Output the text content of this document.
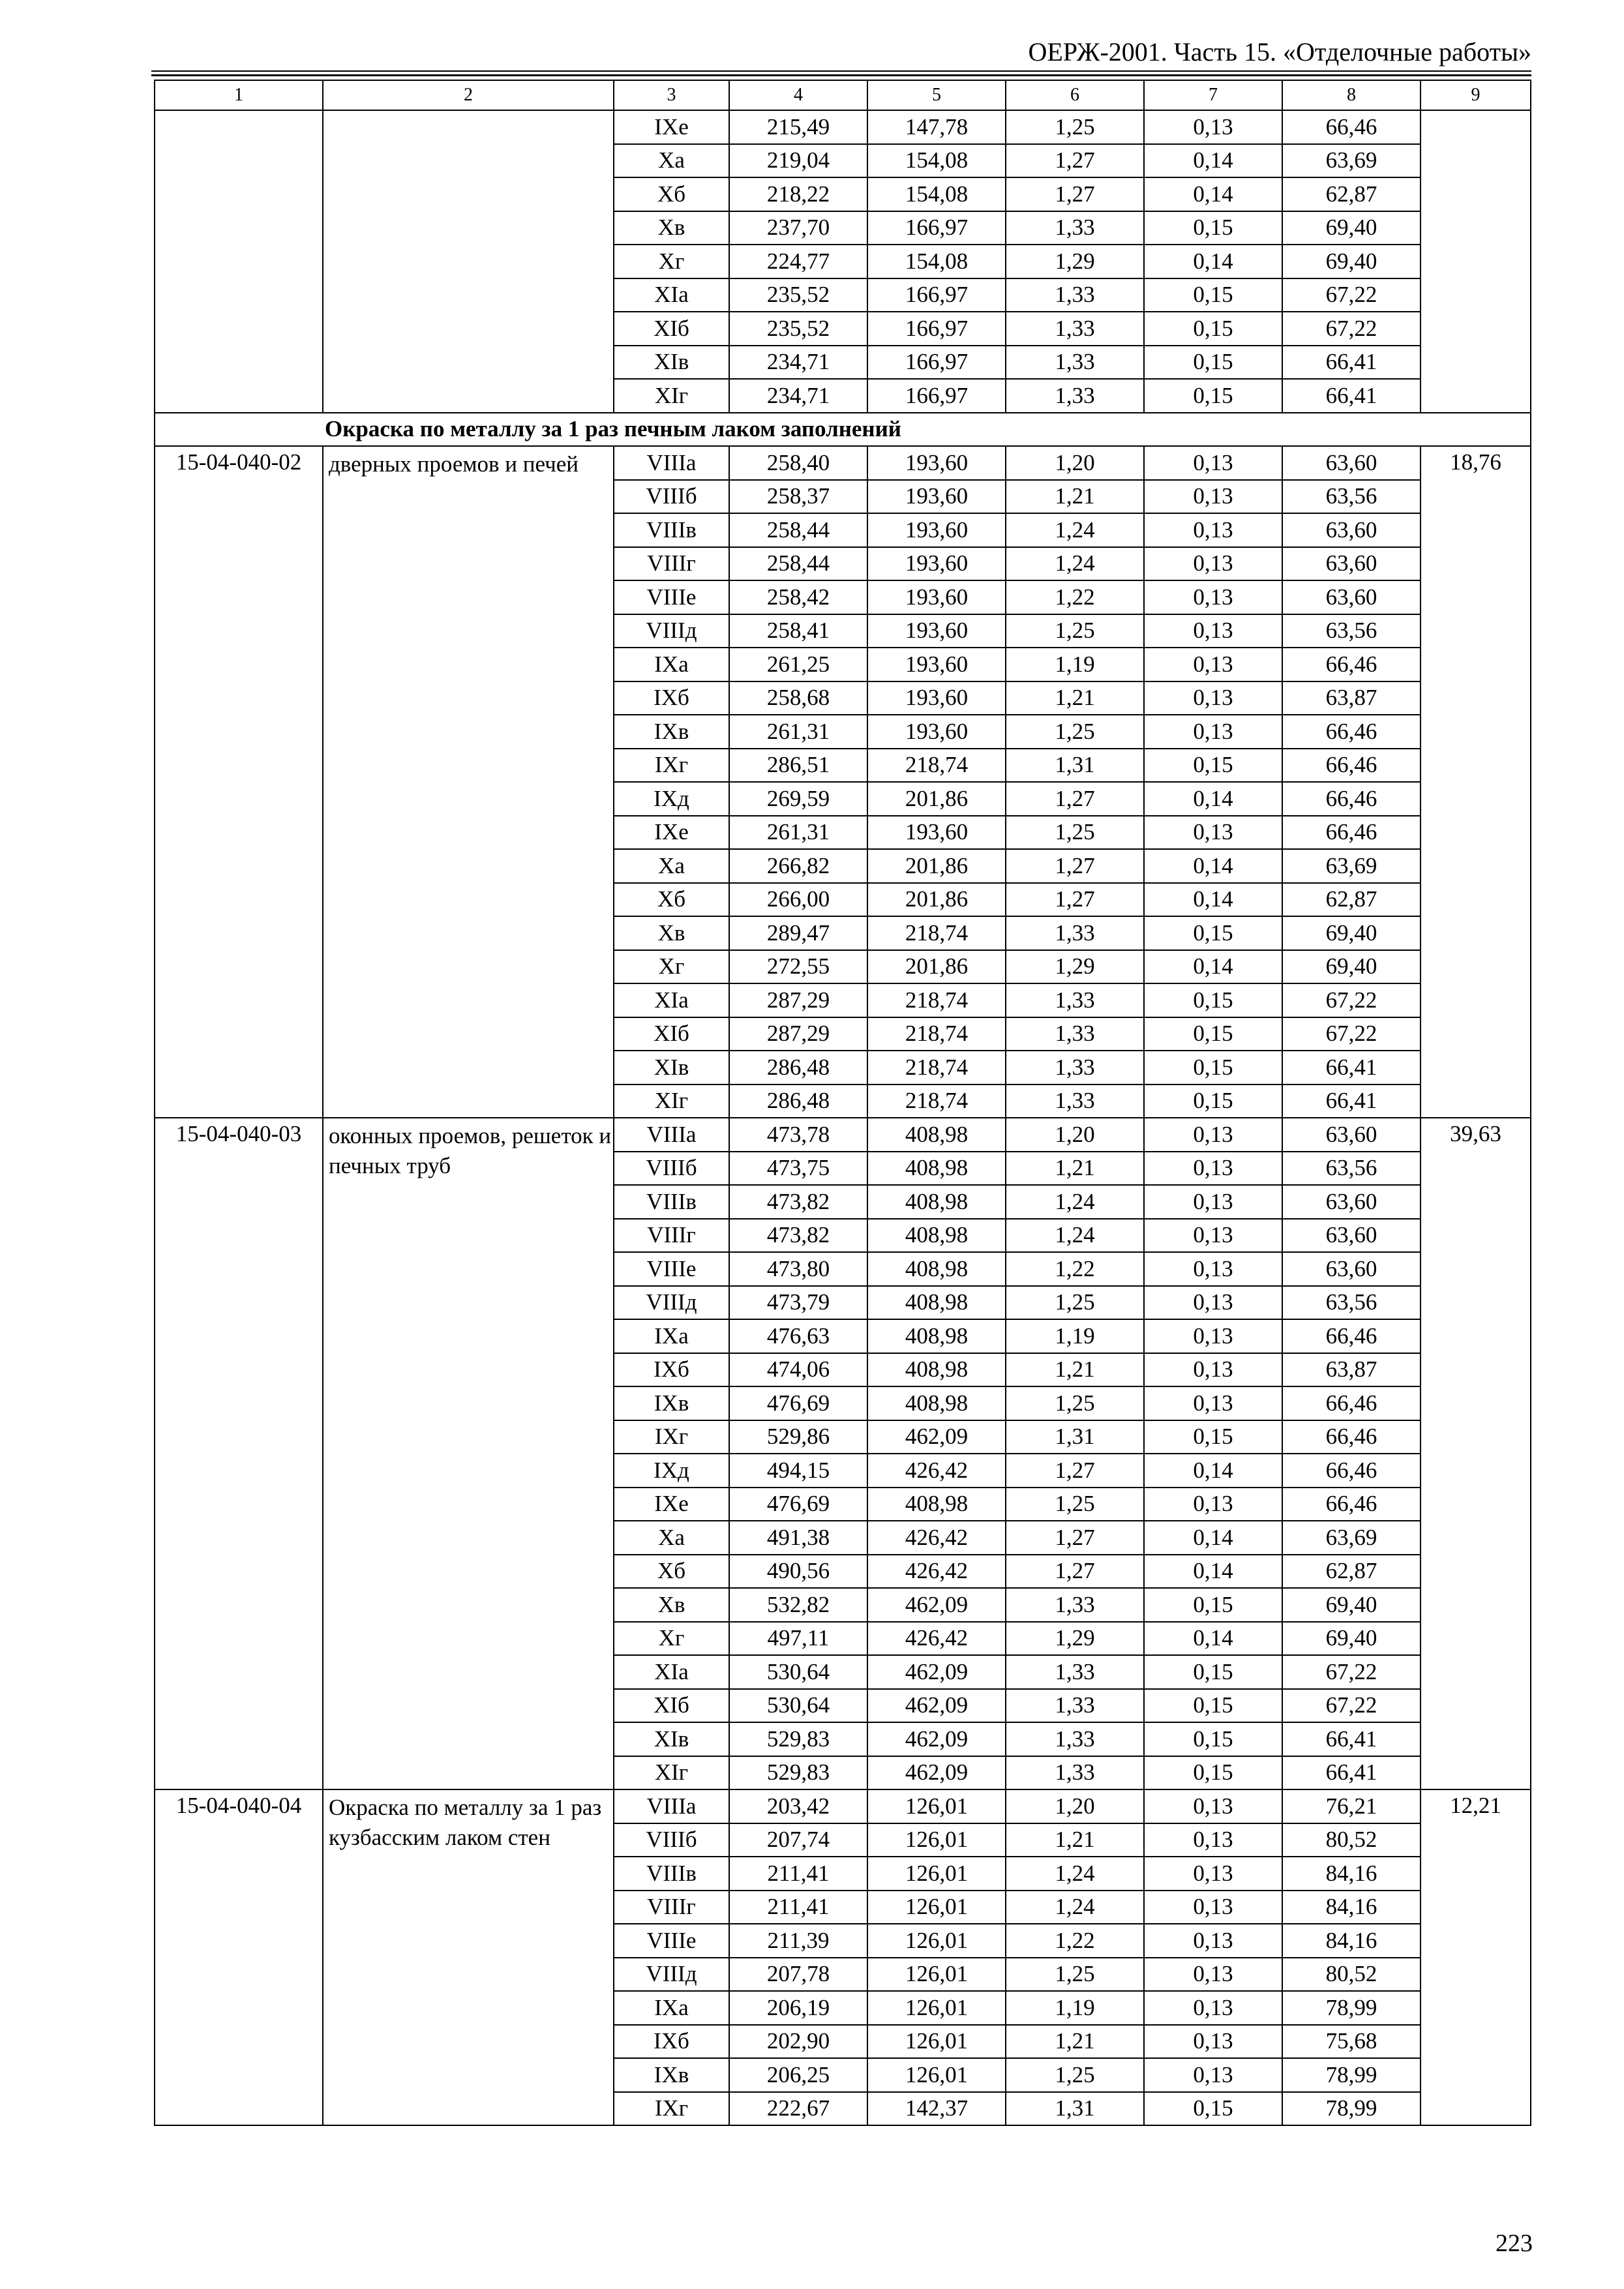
ОЕРЖ-2001. Часть 15. «Отделочные работы»
1	2	3	4	5	6	7	8	9
		IXe	215,49	147,78	1,25	0,13	66,46	
		Xa	219,04	154,08	1,27	0,14	63,69	
		Xб	218,22	154,08	1,27	0,14	62,87	
		Xв	237,70	166,97	1,33	0,15	69,40	
		Xг	224,77	154,08	1,29	0,14	69,40	
		XIa	235,52	166,97	1,33	0,15	67,22	
		XIб	235,52	166,97	1,33	0,15	67,22	
		XIв	234,71	166,97	1,33	0,15	66,41	
		XIг	234,71	166,97	1,33	0,15	66,41	
Окраска по металлу за 1 раз печным лаком заполнений								
15-04-040-02	дверных проемов и печей	VIIIa	258,40	193,60	1,20	0,13	63,60	18,76
		VIIIб	258,37	193,60	1,21	0,13	63,56	
		VIIIв	258,44	193,60	1,24	0,13	63,60	
		VIIIг	258,44	193,60	1,24	0,13	63,60	
		VIIIe	258,42	193,60	1,22	0,13	63,60	
		VIIIд	258,41	193,60	1,25	0,13	63,56	
		IXa	261,25	193,60	1,19	0,13	66,46	
		IXб	258,68	193,60	1,21	0,13	63,87	
		IXв	261,31	193,60	1,25	0,13	66,46	
		IXг	286,51	218,74	1,31	0,15	66,46	
		IXд	269,59	201,86	1,27	0,14	66,46	
		IXe	261,31	193,60	1,25	0,13	66,46	
		Xa	266,82	201,86	1,27	0,14	63,69	
		Xб	266,00	201,86	1,27	0,14	62,87	
		Xв	289,47	218,74	1,33	0,15	69,40	
		Xг	272,55	201,86	1,29	0,14	69,40	
		XIa	287,29	218,74	1,33	0,15	67,22	
		XIб	287,29	218,74	1,33	0,15	67,22	
		XIв	286,48	218,74	1,33	0,15	66,41	
		XIг	286,48	218,74	1,33	0,15	66,41	
15-04-040-03	оконных проемов, решеток и печных труб	VIIIa	473,78	408,98	1,20	0,13	63,60	39,63
		VIIIб	473,75	408,98	1,21	0,13	63,56	
		VIIIв	473,82	408,98	1,24	0,13	63,60	
		VIIIг	473,82	408,98	1,24	0,13	63,60	
		VIIIe	473,80	408,98	1,22	0,13	63,60	
		VIIIд	473,79	408,98	1,25	0,13	63,56	
		IXa	476,63	408,98	1,19	0,13	66,46	
		IXб	474,06	408,98	1,21	0,13	63,87	
		IXв	476,69	408,98	1,25	0,13	66,46	
		IXг	529,86	462,09	1,31	0,15	66,46	
		IXд	494,15	426,42	1,27	0,14	66,46	
		IXe	476,69	408,98	1,25	0,13	66,46	
		Xa	491,38	426,42	1,27	0,14	63,69	
		Xб	490,56	426,42	1,27	0,14	62,87	
		Xв	532,82	462,09	1,33	0,15	69,40	
		Xг	497,11	426,42	1,29	0,14	69,40	
		XIa	530,64	462,09	1,33	0,15	67,22	
		XIб	530,64	462,09	1,33	0,15	67,22	
		XIв	529,83	462,09	1,33	0,15	66,41	
		XIг	529,83	462,09	1,33	0,15	66,41	
15-04-040-04	Окраска по металлу за 1 раз кузбасским лаком стен	VIIIa	203,42	126,01	1,20	0,13	76,21	12,21
		VIIIб	207,74	126,01	1,21	0,13	80,52	
		VIIIв	211,41	126,01	1,24	0,13	84,16	
		VIIIг	211,41	126,01	1,24	0,13	84,16	
		VIIIe	211,39	126,01	1,22	0,13	84,16	
		VIIIд	207,78	126,01	1,25	0,13	80,52	
		IXa	206,19	126,01	1,19	0,13	78,99	
		IXб	202,90	126,01	1,21	0,13	75,68	
		IXв	206,25	126,01	1,25	0,13	78,99	
		IXг	222,67	142,37	1,31	0,15	78,99	
223
